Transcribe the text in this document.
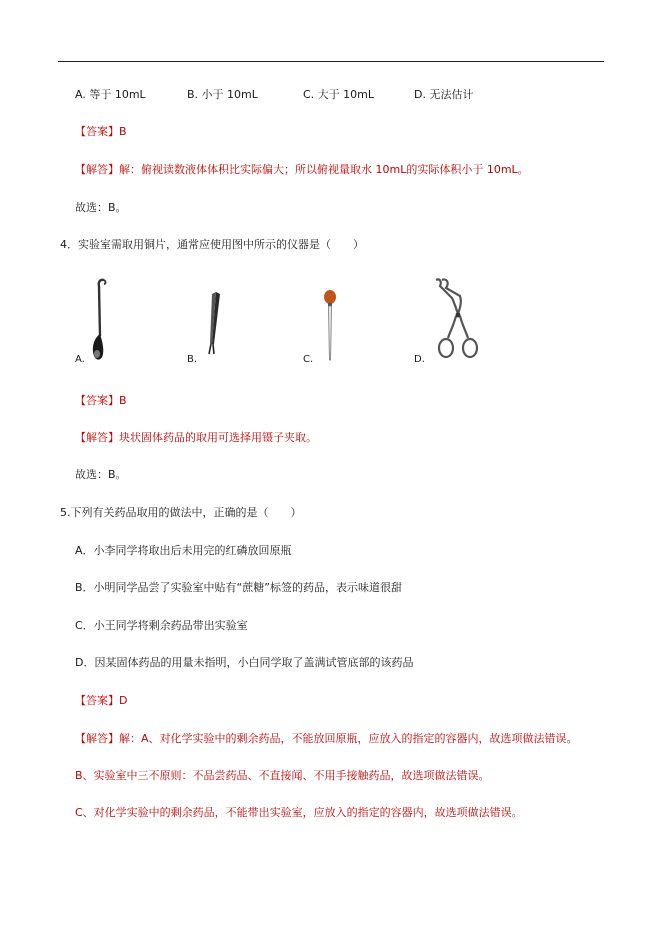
A. 等于 10mL	B. 小于 10mL	C. 大于 10mL	D. 无法估计
【答案】B
【解答】解：俯视读数液体体积比实际偏大；所以俯视量取水 10mL的实际体积小于 10mL。
故选：B。
4．实验室需取用铜片，通常应使用图中所示的仪器是（　　）
A.	B.	C.	D.
【答案】B
【解答】块状固体药品的取用可选择用镊子夹取。
故选：B。
5.下列有关药品取用的做法中，正确的是（　　）
A．小李同学将取出后未用完的红磷放回原瓶
B．小明同学品尝了实验室中贴有“蔗糖”标签的药品，表示味道很甜
C．小王同学将剩余药品带出实验室
D．因某固体药品的用量未指明，小白同学取了盖满试管底部的该药品
【答案】D
【解答】解：A、对化学实验中的剩余药品，不能放回原瓶，应放入的指定的容器内，故选项做法错误。
B、实验室中三不原则：不品尝药品、不直接闻、不用手接触药品，故选项做法错误。
C、对化学实验中的剩余药品，不能带出实验室，应放入的指定的容器内，故选项做法错误。
